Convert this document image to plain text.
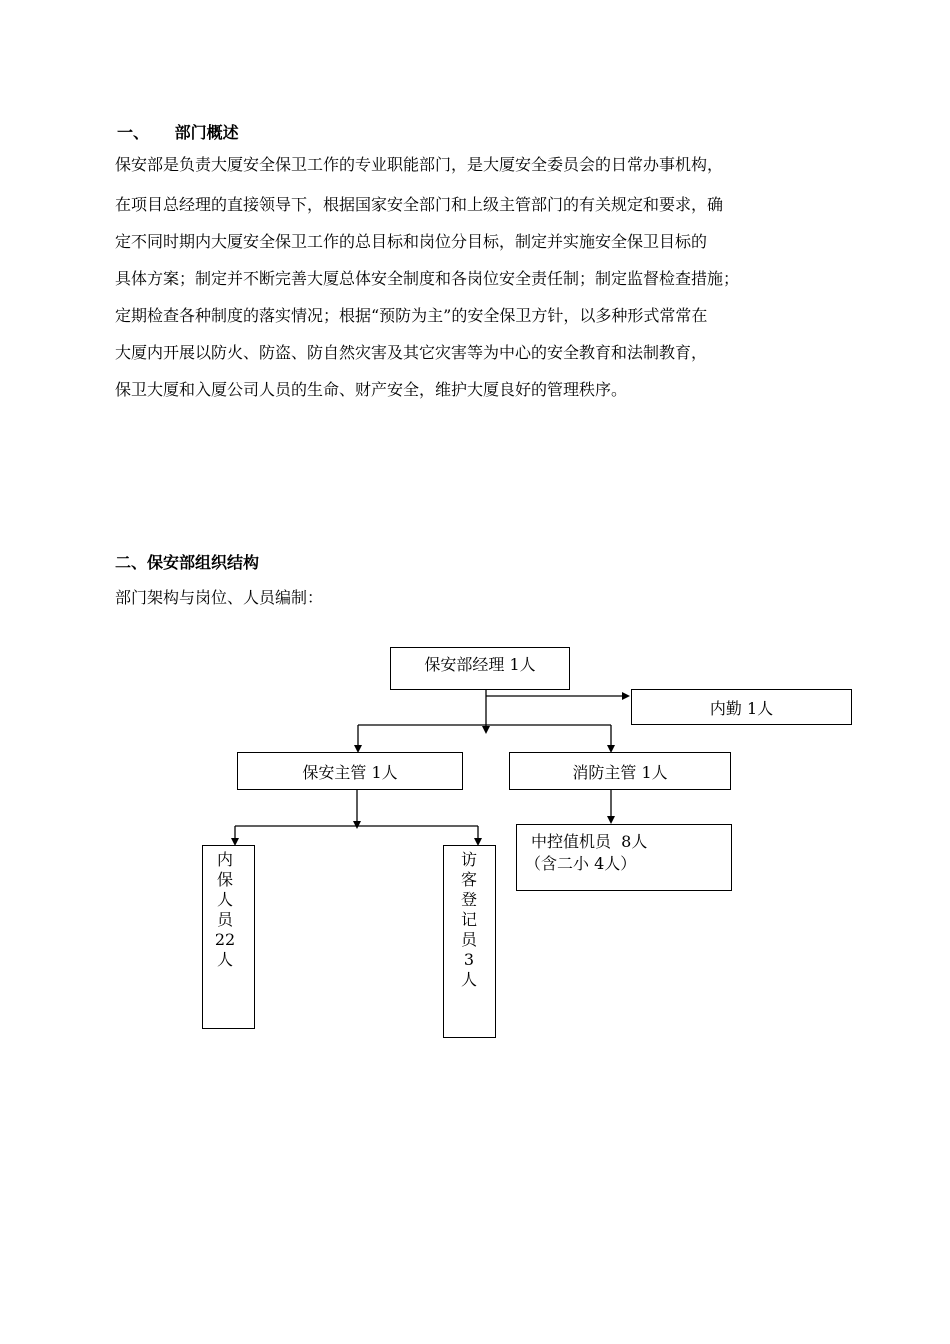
一、 部门概述
保安部是负责大厦安全保卫工作的专业职能部门，是大厦安全委员会的日常办事机构，
在项目总经理的直接领导下，根据国家安全部门和上级主管部门的有关规定和要求，确
定不同时期内大厦安全保卫工作的总目标和岗位分目标，制定并实施安全保卫目标的
具体方案；制定并不断完善大厦总体安全制度和各岗位安全责任制；制定监督检查措施；
定期检查各种制度的落实情况；根据“预防为主”的安全保卫方针，以多种形式常常在
大厦内开展以防火、防盗、防自然灾害及其它灾害等为中心的安全教育和法制教育，
保卫大厦和入厦公司人员的生命、财产安全，维护大厦良好的管理秩序。
二、保安部组织结构
部门架构与岗位、人员编制：
保安部经理 1人
内勤 1人
保安主管 1人	消防主管 1人
中控值机员  8人
（含二小 4人）
内
保
人
员
22
人
访
客
登
记
员
3
人
